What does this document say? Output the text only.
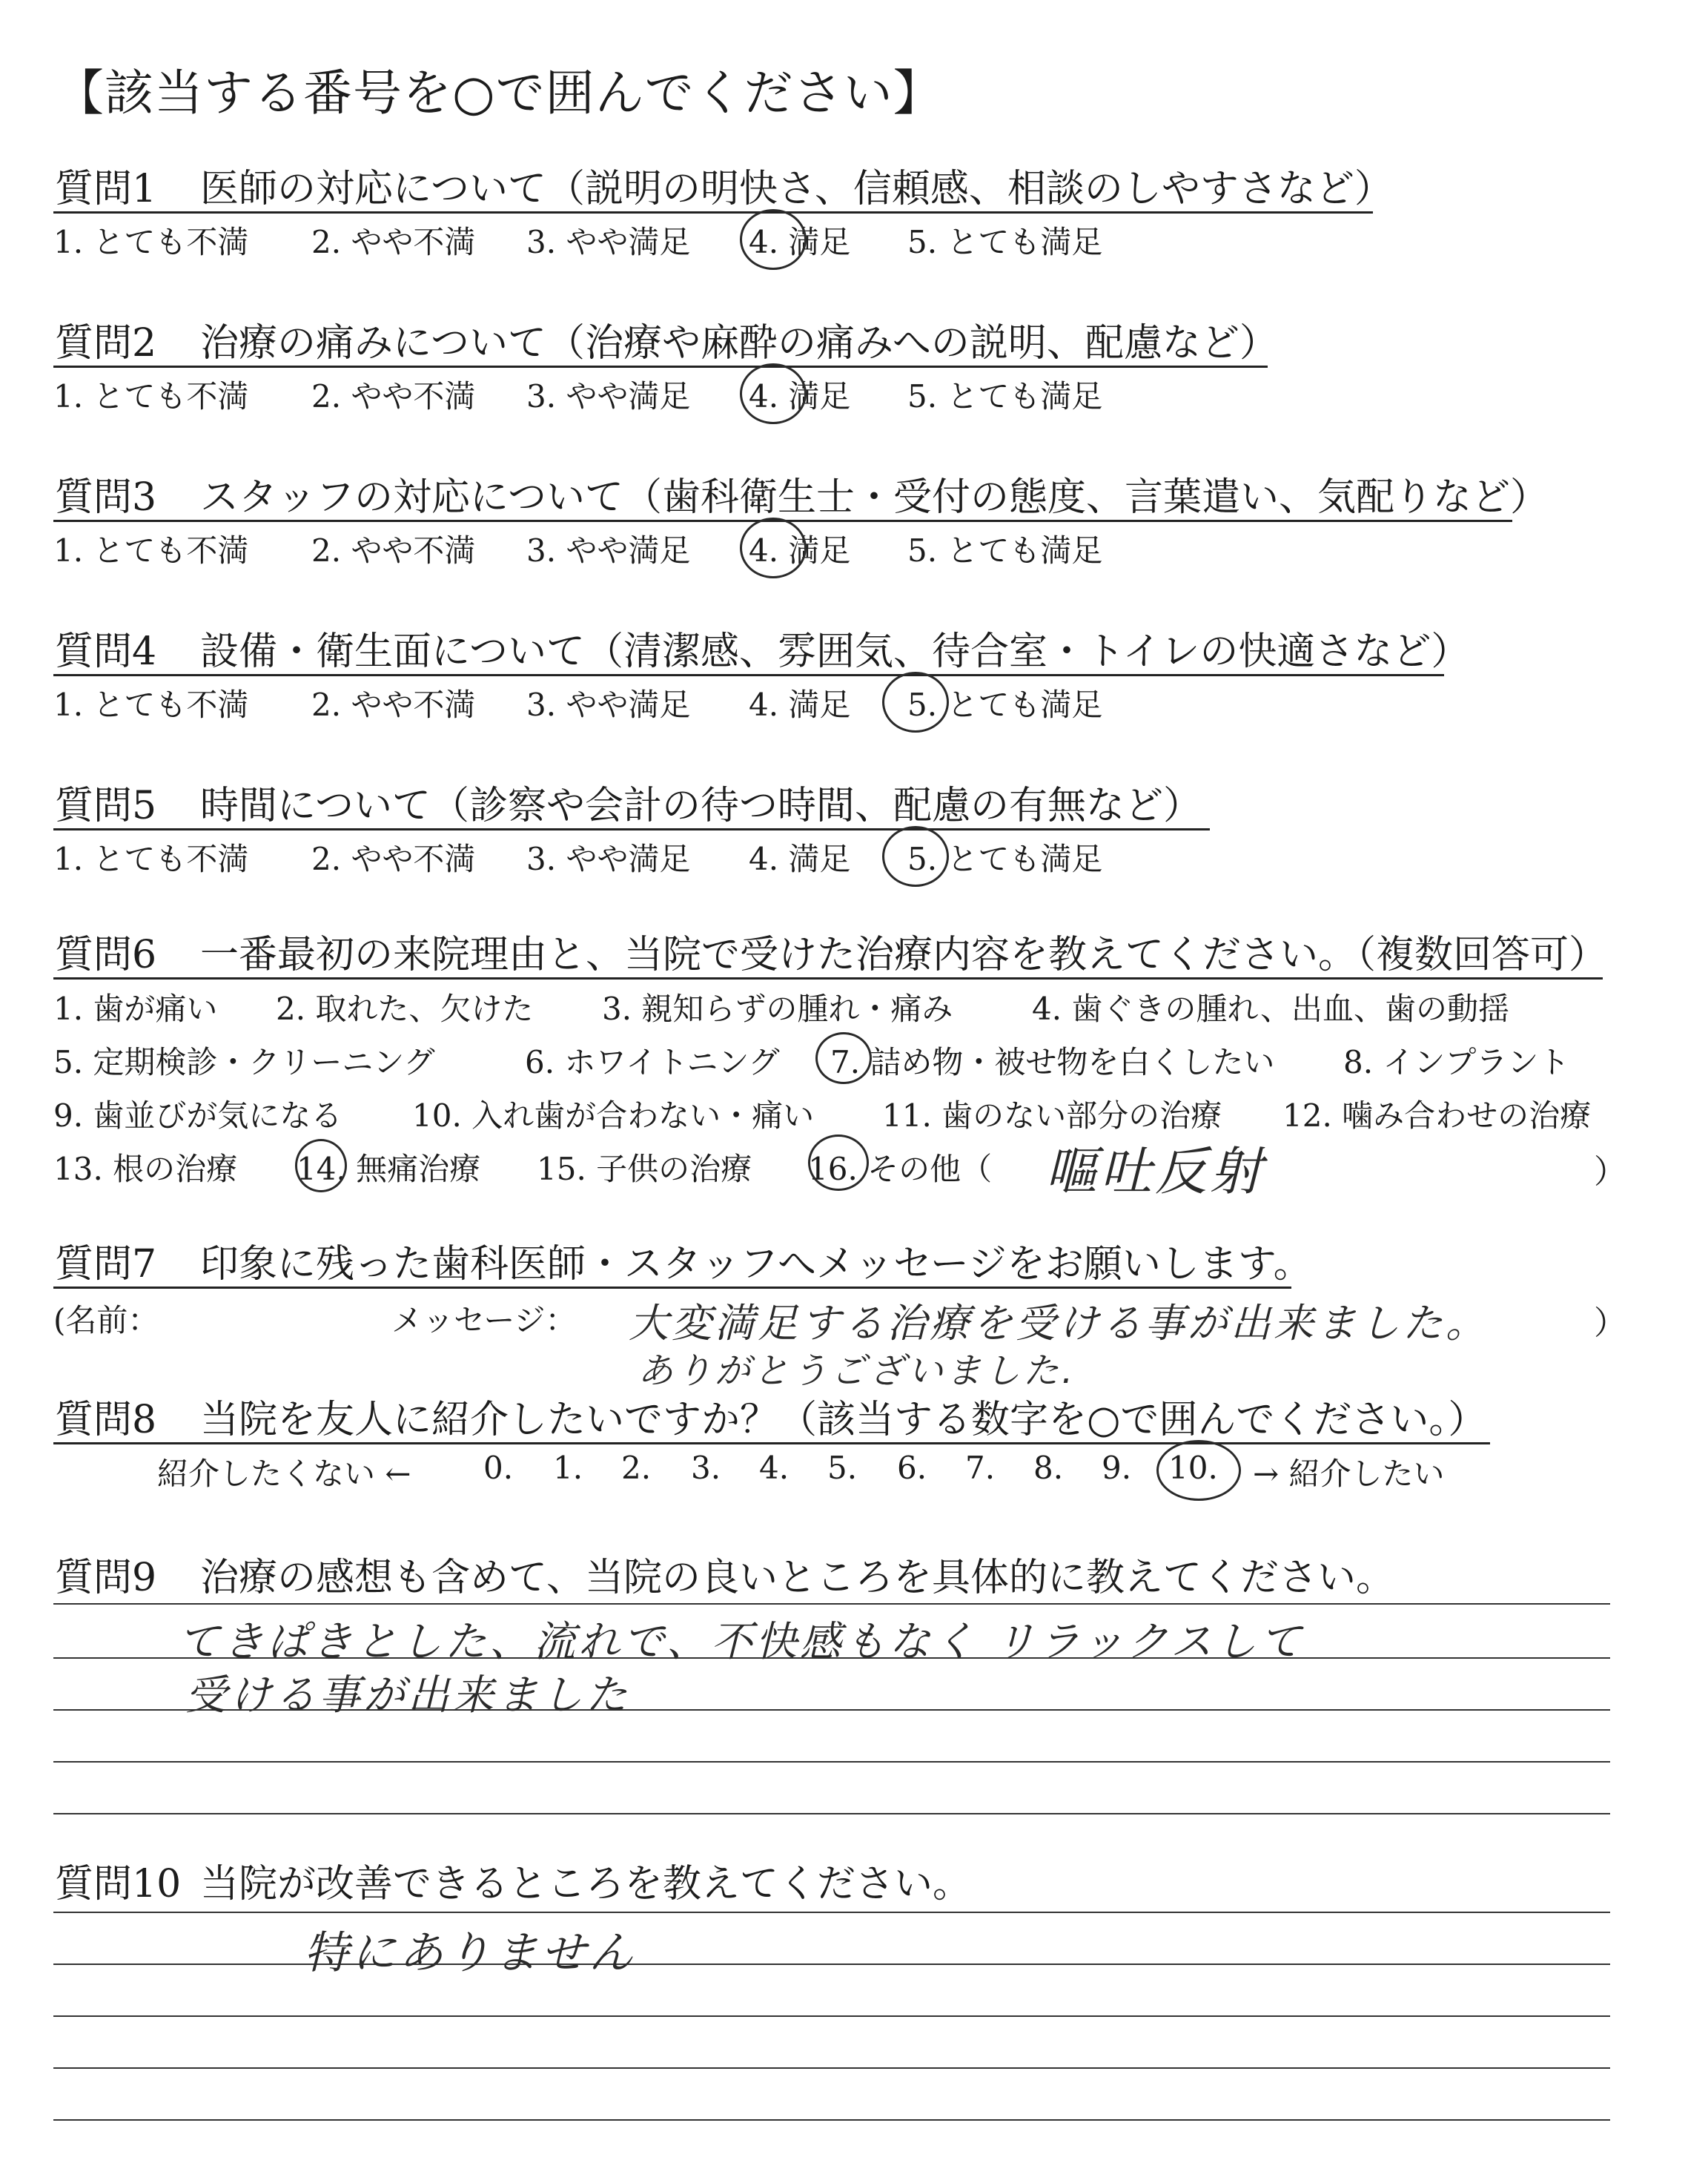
【該当する番号を○で囲んでください】
質問1 医師の対応について（説明の明快さ、信頼感、相談のしやすさなど）
1. とても不満 2. やや不満 3. やや満足 4. 満足 5. とても満足
質問2 治療の痛みについて（治療や麻酔の痛みへの説明、配慮など）
1. とても不満 2. やや不満 3. やや満足 4. 満足 5. とても満足
質問3 スタッフの対応について（歯科衛生士・受付の態度、言葉遣い、気配りなど）
1. とても不満 2. やや不満 3. やや満足 4. 満足 5. とても満足
質問4 設備・衛生面について（清潔感、雰囲気、待合室・トイレの快適さなど）
1. とても不満 2. やや不満 3. やや満足 4. 満足 5. とても満足
質問5 時間について（診察や会計の待つ時間、配慮の有無など）
1. とても不満 2. やや不満 3. やや満足 4. 満足 5. とても満足
質問6 一番最初の来院理由と、当院で受けた治療内容を教えてください。（複数回答可）
1. 歯が痛い 2. 取れた、欠けた 3. 親知らずの腫れ・痛み	4. 歯ぐきの腫れ、出血、歯の動揺
5. 定期検診・クリーニング	6. ホワイトニング 7. 詰め物・被せ物を白くしたい 8. インプラント
9. 歯並びが気になる 10. 入れ歯が合わない・痛い 11. 歯のない部分の治療 12. 噛み合わせの治療
13. 根の治療 14. 無痛治療 15. 子供の治療 16. その他（ 嘔吐反射	）
質問7 印象に残った歯科医師・スタッフへメッセージをお願いします。
(名前：	メッセージ： 大変満足する治療を受ける事が出来ました。
ありがとうございました.
）
質問8 当院を友人に紹介したいですか？（該当する数字を○で囲んでください。）
紹介したくない ← 0. 1. 2. 3. 4. 5. 6. 7. 8. 9. 10. → 紹介したい
質問9 治療の感想も含めて、当院の良いところを具体的に教えてください。
てきぱきとした、流れで、不快感もなく リラックスして
受ける事が出来ました
質問10 当院が改善できるところを教えてください。
特にありません
